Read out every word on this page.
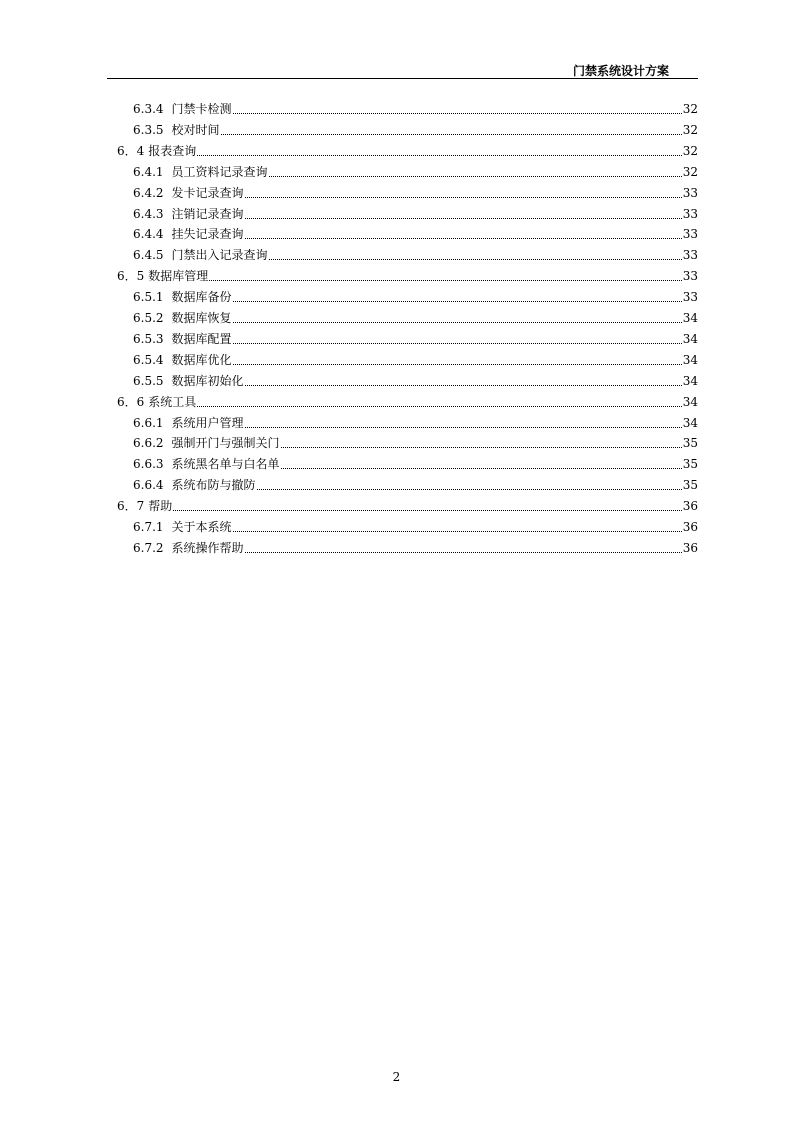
门禁系统设计方案
6.3.4 门禁卡检测	32
6.3.5 校对时间	32
6．4 报表查询	32
6.4.1 员工资料记录查询	32
6.4.2 发卡记录查询	33
6.4.3 注销记录查询	33
6.4.4 挂失记录查询	33
6.4.5 门禁出入记录查询	33
6．5 数据库管理	33
6.5.1 数据库备份	33
6.5.2 数据库恢复	34
6.5.3 数据库配置	34
6.5.4 数据库优化	34
6.5.5 数据库初始化	34
6．6 系统工具	34
6.6.1 系统用户管理	34
6.6.2 强制开门与强制关门	35
6.6.3 系统黑名单与白名单	35
6.6.4 系统布防与撤防	35
6．7 帮助	36
6.7.1 关于本系统	36
6.7.2 系统操作帮助	36
2
